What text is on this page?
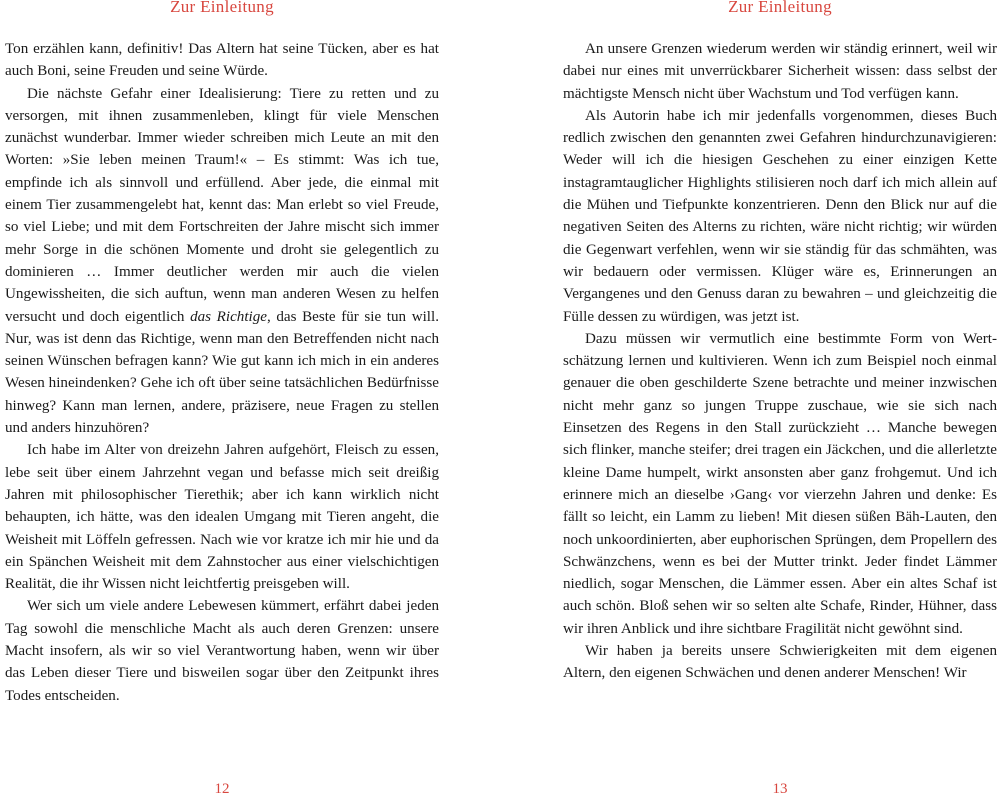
Zur Einleitung

Ton erzählen kann, definitiv! Das Altern hat seine Tücken, aber es hat auch Boni, seine Freuden und seine Würde.

Die nächste Gefahr einer Idealisierung: Tiere zu retten und zu versorgen, mit ihnen zusammenleben, klingt für viele Menschen zunächst wunderbar. Immer wieder schreiben mich Leute an mit den Worten: »Sie leben meinen Traum!« – Es stimmt: Was ich tue, empfinde ich als sinnvoll und erfüllend. Aber jede, die einmal mit einem Tier zusammengelebt hat, kennt das: Man erlebt so viel Freude, so viel Liebe; und mit dem Fortschreiten der Jahre mischt sich immer mehr Sorge in die schönen Momente und droht sie gelegentlich zu dominieren … Immer deutlicher werden mir auch die vielen Ungewissheiten, die sich auftun, wenn man anderen Wesen zu helfen versucht und doch eigentlich das Richtige, das Beste für sie tun will. Nur, was ist denn das Richtige, wenn man den Betreffenden nicht nach seinen Wünschen befragen kann? Wie gut kann ich mich in ein anderes Wesen hineindenken? Gehe ich oft über seine tatsächlichen Bedürfnisse hinweg? Kann man lernen, andere, präzisere, neue Fragen zu stellen und anders hinzuhören?

Ich habe im Alter von dreizehn Jahren aufgehört, Fleisch zu essen, lebe seit über einem Jahrzehnt vegan und befasse mich seit dreißig Jahren mit philosophischer Tierethik; aber ich kann wirklich nicht behaupten, ich hätte, was den idealen Umgang mit Tieren angeht, die Weisheit mit Löffeln gefressen. Nach wie vor kratze ich mir hie und da ein Spänchen Weisheit mit dem Zahnstocher aus einer vielschichtigen Realität, die ihr Wissen nicht leichtfertig preisgeben will.

Wer sich um viele andere Lebewesen kümmert, erfährt dabei jeden Tag sowohl die menschliche Macht als auch deren Grenzen: unsere Macht insofern, als wir so viel Verantwortung haben, wenn wir über das Leben dieser Tiere und bisweilen sogar über den Zeitpunkt ihres Todes entscheiden.

12
Zur Einleitung

An unsere Grenzen wiederum werden wir ständig erinnert, weil wir dabei nur eines mit unverrückbarer Sicherheit wissen: dass selbst der mächtigste Mensch nicht über Wachstum und Tod verfügen kann.

Als Autorin habe ich mir jedenfalls vorgenommen, dieses Buch redlich zwischen den genannten zwei Gefahren hindurchzunavigieren: Weder will ich die hiesigen Geschehen zu einer einzigen Kette instagramtauglicher Highlights stilisieren noch darf ich mich allein auf die Mühen und Tiefpunkte konzentrieren. Denn den Blick nur auf die negativen Seiten des Alterns zu richten, wäre nicht richtig; wir würden die Gegenwart verfehlen, wenn wir sie ständig für das schmähten, was wir bedauern oder vermissen. Klüger wäre es, Erinnerungen an Vergangenes und den Genuss daran zu bewahren – und gleichzeitig die Fülle dessen zu würdigen, was jetzt ist.

Dazu müssen wir vermutlich eine bestimmte Form von Wertschätzung lernen und kultivieren. Wenn ich zum Beispiel noch einmal genauer die oben geschilderte Szene betrachte und meiner inzwischen nicht mehr ganz so jungen Truppe zuschaue, wie sie sich nach Einsetzen des Regens in den Stall zurückzieht … Manche bewegen sich flinker, manche steifer; drei tragen ein Jäckchen, und die allerletzte kleine Dame humpelt, wirkt ansonsten aber ganz frohgemut. Und ich erinnere mich an dieselbe ›Gang‹ vor vierzehn Jahren und denke: Es fällt so leicht, ein Lamm zu lieben! Mit diesen süßen Bäh-Lauten, den noch unkoordinierten, aber euphorischen Sprüngen, dem Propellern des Schwänzchens, wenn es bei der Mutter trinkt. Jeder findet Lämmer niedlich, sogar Menschen, die Lämmer essen. Aber ein altes Schaf ist auch schön. Bloß sehen wir so selten alte Schafe, Rinder, Hühner, dass wir ihren Anblick und ihre sichtbare Fragilität nicht gewöhnt sind.

Wir haben ja bereits unsere Schwierigkeiten mit dem eigenen Altern, den eigenen Schwächen und denen anderer Menschen! Wir

13
